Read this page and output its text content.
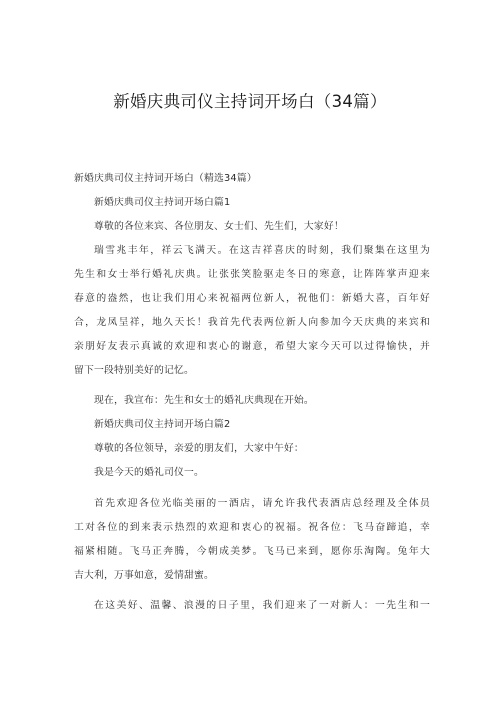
新婚庆典司仪主持词开场白（34篇）

新婚庆典司仪主持词开场白（精选34篇）

新婚庆典司仪主持词开场白篇1

尊敬的各位来宾、各位朋友、女士们、先生们，大家好！

瑞雪兆丰年，祥云飞满天。在这吉祥喜庆的时刻，我们聚集在这里为

先生和女士举行婚礼庆典。让张张笑脸驱走冬日的寒意，让阵阵掌声迎来

春意的盎然，也让我们用心来祝福两位新人，祝他们：新婚大喜，百年好

合，龙凤呈祥，地久天长！我首先代表两位新人向参加今天庆典的来宾和

亲朋好友表示真诚的欢迎和衷心的谢意，希望大家今天可以过得愉快，并

留下一段特别美好的记忆。

现在，我宣布：先生和女士的婚礼庆典现在开始。

新婚庆典司仪主持词开场白篇2

尊敬的各位领导，亲爱的朋友们，大家中午好：

我是今天的婚礼司仪一。

首先欢迎各位光临美丽的一酒店，请允许我代表酒店总经理及全体员

工对各位的到来表示热烈的欢迎和衷心的祝福。祝各位：飞马奋蹄追，幸

福紧相随。飞马正奔腾，今朝成美梦。飞马已来到，愿你乐淘陶。兔年大

吉大利，万事如意，爱情甜蜜。

在这美好、温馨、浪漫的日子里，我们迎来了一对新人：一先生和一
